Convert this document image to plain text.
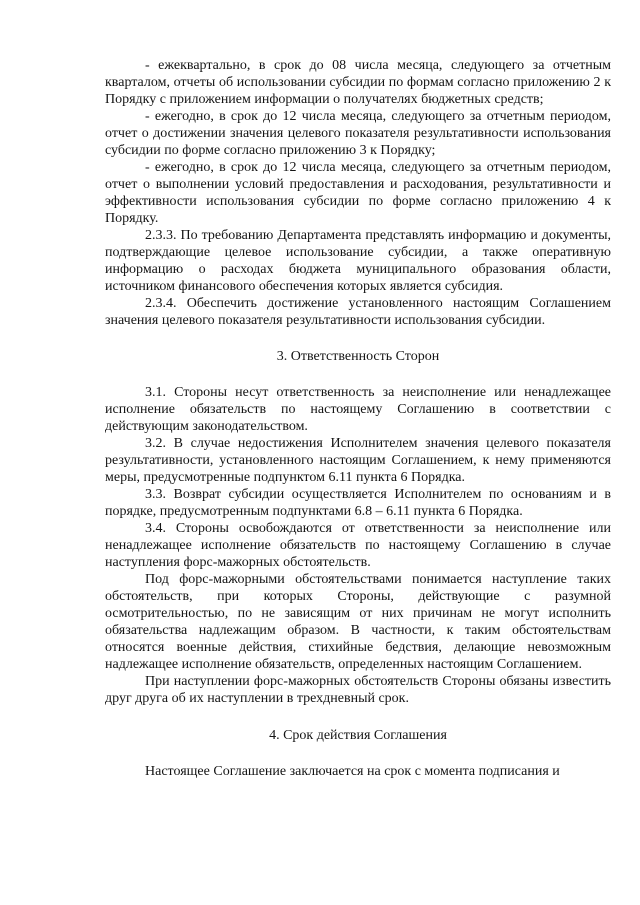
- ежеквартально, в срок до 08 числа месяца, следующего за отчетным кварталом, отчеты об использовании субсидии по формам согласно приложению 2 к Порядку с приложением информации о получателях бюджетных средств;

- ежегодно, в срок до 12 числа месяца, следующего за отчетным периодом, отчет о достижении значения целевого показателя результативности использования субсидии по форме согласно приложению 3 к Порядку;

- ежегодно, в срок до 12 числа месяца, следующего за отчетным периодом, отчет о выполнении условий предоставления и расходования, результативности и эффективности использования субсидии по форме согласно приложению 4 к Порядку.

2.3.3. По требованию Департамента представлять информацию и документы, подтверждающие целевое использование субсидии, а также оперативную информацию о расходах бюджета муниципального образования области, источником финансового обеспечения которых является субсидия.

2.3.4. Обеспечить достижение установленного настоящим Соглашением значения целевого показателя результативности использования субсидии.

3. Ответственность Сторон

3.1. Стороны несут ответственность за неисполнение или ненадлежащее исполнение обязательств по настоящему Соглашению в соответствии с действующим законодательством.

3.2. В случае недостижения Исполнителем значения целевого показателя результативности, установленного настоящим Соглашением, к нему применяются меры, предусмотренные подпунктом 6.11 пункта 6 Порядка.

3.3. Возврат субсидии осуществляется Исполнителем по основаниям и в порядке, предусмотренным подпунктами 6.8 – 6.11 пункта 6 Порядка.

3.4. Стороны освобождаются от ответственности за неисполнение или ненадлежащее исполнение обязательств по настоящему Соглашению в случае наступления форс-мажорных обстоятельств.

Под форс-мажорными обстоятельствами понимается наступление таких обстоятельств, при которых Стороны, действующие с разумной осмотрительностью, по не зависящим от них причинам не могут исполнить обязательства надлежащим образом. В частности, к таким обстоятельствам относятся военные действия, стихийные бедствия, делающие невозможным надлежащее исполнение обязательств, определенных настоящим Соглашением.

При наступлении форс-мажорных обстоятельств Стороны обязаны известить друг друга об их наступлении в трехдневный срок.

4. Срок действия Соглашения

Настоящее Соглашение заключается на срок с момента подписания и
